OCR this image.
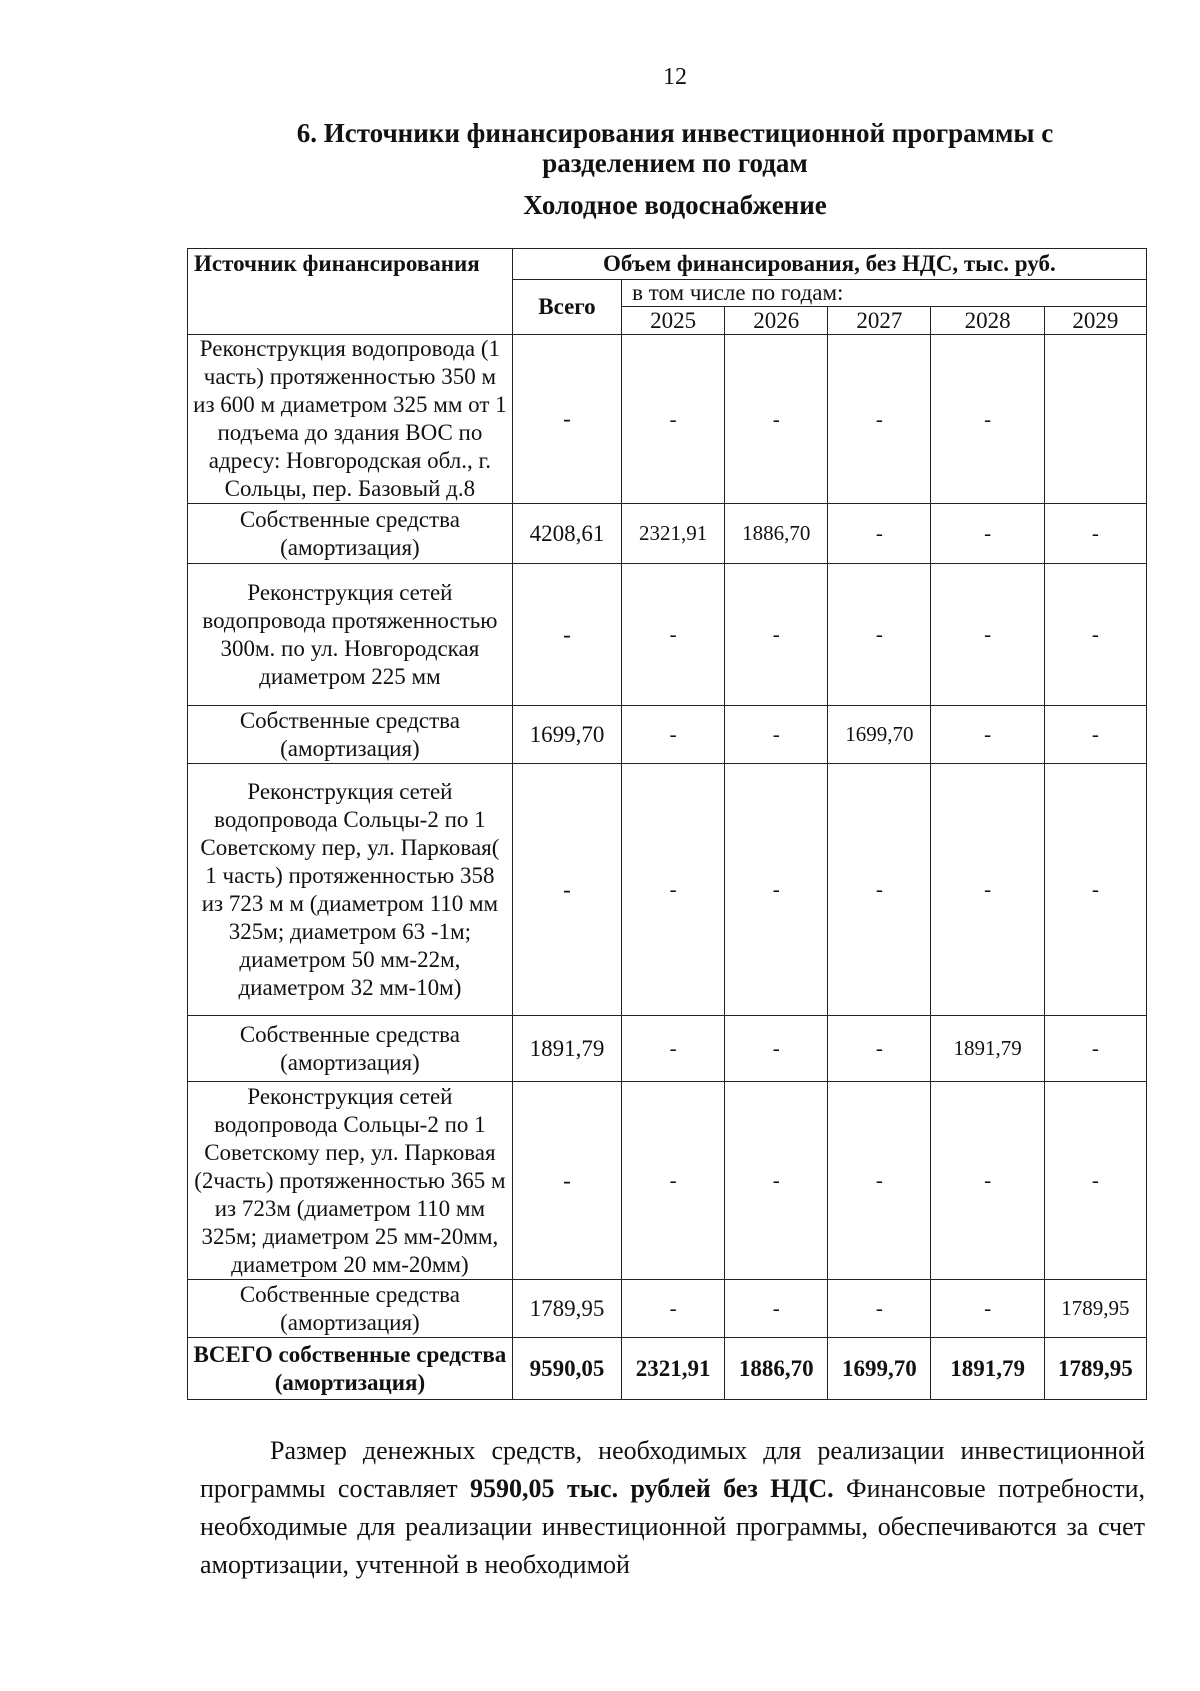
12
6. Источники финансирования инвестиционной программы с
разделением по годам
Холодное водоснабжение
Источник финансирования	Объем финансирования, без НДС, тыс. руб.					
	Всего	в том числе по годам:				
		2025	2026	2027	2028	2029
Реконструкция водопровода (1 часть) протяженностью 350 м из 600 м диаметром 325 мм от 1 подъема до здания ВОС по адресу: Новгородская обл., г. Сольцы, пер. Базовый д.8	-	-	-	-	-	
Собственные средства (амортизация)	4208,61	2321,91	1886,70	-	-	-
Реконструкция сетей водопровода протяженностью 300м. по ул. Новгородская диаметром 225 мм	-	-	-	-	-	-
Собственные средства (амортизация)	1699,70	-	-	1699,70	-	-
Реконструкция сетей водопровода Сольцы-2 по 1 Советскому пер, ул. Парковая( 1 часть) протяженностью 358 из 723 м м (диаметром 110 мм 325м; диаметром 63 -1м; диаметром 50 мм-22м, диаметром 32 мм-10м)	-	-	-	-	-	-
Собственные средства (амортизация)	1891,79	-	-	-	1891,79	-
Реконструкция сетей водопровода Сольцы-2 по 1 Советскому пер, ул. Парковая (2часть) протяженностью 365 м из 723м (диаметром 110 мм 325м; диаметром 25 мм-20мм, диаметром 20 мм-20мм)	-	-	-	-	-	-
Собственные средства (амортизация)	1789,95	-	-	-	-	1789,95
ВСЕГО собственные средства (амортизация)	9590,05	2321,91	1886,70	1699,70	1891,79	1789,95
Размер денежных средств, необходимых для реализации инвестиционной программы составляет 9590,05 тыс. рублей без НДС. Финансовые потребности, необходимые для реализации инвестиционной программы, обеспечиваются за счет амортизации, учтенной в необходимой
